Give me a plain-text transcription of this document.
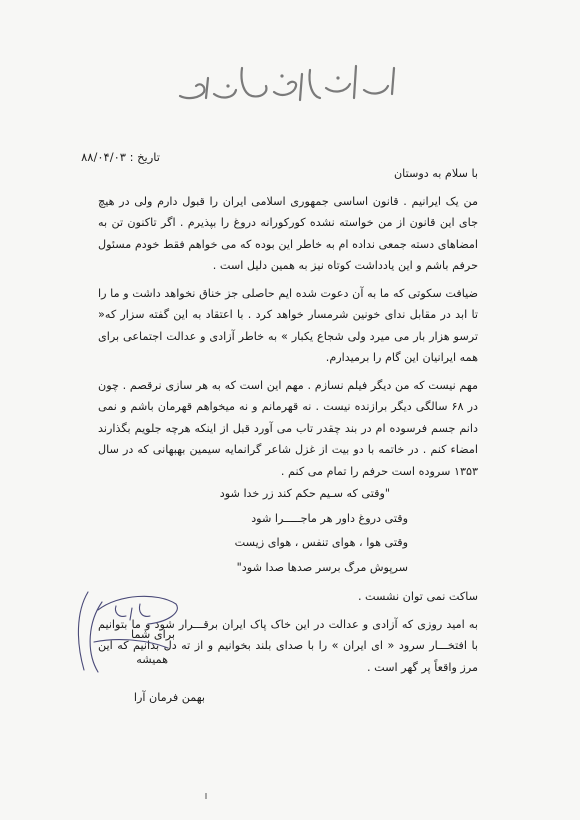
تاریخ : ۸۸/۰۴/۰۳

با سلام به دوستان

من یک ایرانیم . قانون اساسی جمهوری اسلامی ایران را قبول دارم ولی در هیچ جای این قانون از من خواسته نشده کورکورانه دروغ را بپذیرم . اگر تاکنون تن به امضاهای دسته جمعی نداده ام به خاطر این بوده که می خواهم فقط خودم مسئول حرفم باشم و این یادداشت کوتاه نیز به همین دلیل است .

ضیافت سکوتی که ما به آن دعوت شده ایم حاصلی جز خناق نخواهد داشت و ما را تا ابد در مقابل ندای خونین شرمسار خواهد کرد . با اعتقاد به این گفته سزار که« ترسو هزار بار می میرد ولی شجاع یکبار » به خاطر آزادی و عدالت اجتماعی برای همه ایرانیان این گام را برمیدارم.

مهم نیست که من دیگر فیلم نسازم . مهم این است که به هر سازی نرقصم . چون در ۶۸ سالگی دیگر برازنده نیست . نه قهرمانم و نه میخواهم قهرمان باشم و نمی دانم جسم فرسوده ام در بند چقدر تاب می آورد قبل از اینکه هرچه جلویم بگذارند امضاء کنم . در خاتمه با دو بیت از غزل شاعر گرانمایه سیمین بهبهانی که در سال ۱۳۵۳ سروده است حرفم را تمام می کنم .

"وقتی که سـیم حکم کند زر خدا شود
وقتی دروغ داور هر ماجـــــرا شود
وقتی هوا ، هوای تنفس ، هوای زیست
سرپوش مرگ برسر صدها صدا شود"

ساکت نمی توان نشست .

به امید روزی که آزادی و عدالت در این خاک پاک ایران برقـــرار شود و ما بتوانیم با افتخـــار سرود « ای ایران » را با صدای بلند بخوانیم و از ته دل بدانیم که این مرز واقعاً پر گهر است .

برای شما
همیشه
بهمن فرمان آرا
